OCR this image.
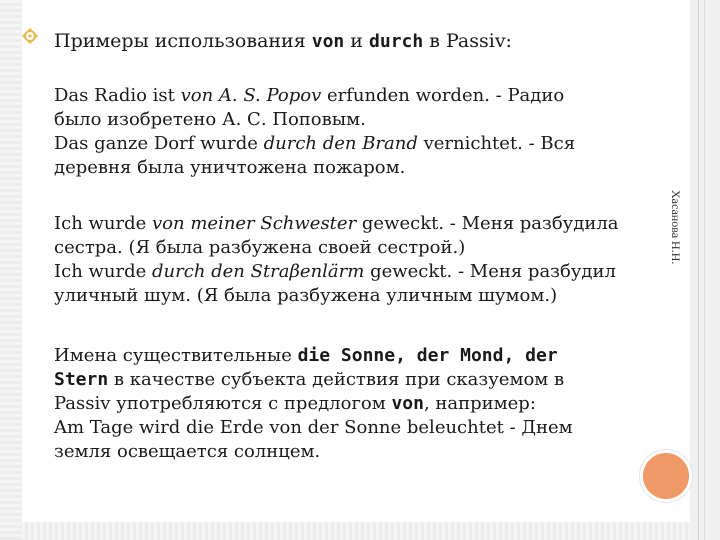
Примеры использования von и durch в Passiv:
Das Radio ist von A. S. Popov erfunden worden. - Радио
было изобретено А. С. Поповым.
Das ganze Dorf wurde durch den Brand vernichtet. - Вся
деревня была уничтожена пожаром.
Ich wurde von meiner Schwester geweckt. - Меня разбудила
сестра. (Я была разбужена своей сестрой.)
Ich wurde durch den Straβenlärm geweckt. - Меня разбудил
уличный шум. (Я была разбужена уличным шумом.)
Имена существительные die Sonne, der Mond, der
Stern в качестве субъекта действия при сказуемом в
Passiv употребляются с предлогом von, например:
Am Tage wird die Erde von der Sonne beleuchtet - Днем
земля освещается солнцем.
Хасанова Н.Н.
